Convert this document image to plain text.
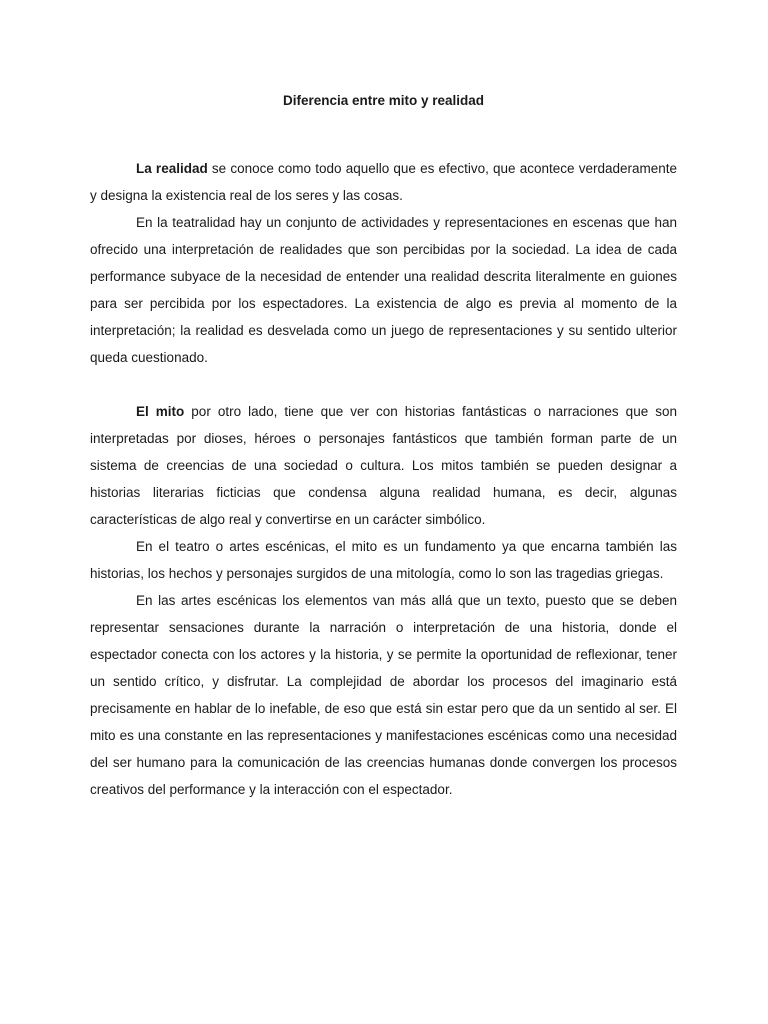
Diferencia entre mito y realidad

La realidad se conoce como todo aquello que es efectivo, que acontece verdaderamente y designa la existencia real de los seres y las cosas.

En la teatralidad hay un conjunto de actividades y representaciones en escenas que han ofrecido una interpretación de realidades que son percibidas por la sociedad. La idea de cada performance subyace de la necesidad de entender una realidad descrita literalmente en guiones para ser percibida por los espectadores. La existencia de algo es previa al momento de la interpretación; la realidad es desvelada como un juego de representaciones y su sentido ulterior queda cuestionado.

El mito por otro lado, tiene que ver con historias fantásticas o narraciones que son interpretadas por dioses, héroes o personajes fantásticos que también forman parte de un sistema de creencias de una sociedad o cultura. Los mitos también se pueden designar a historias literarias ficticias que condensa alguna realidad humana, es decir, algunas características de algo real y convertirse en un carácter simbólico.

En el teatro o artes escénicas, el mito es un fundamento ya que encarna también las historias, los hechos y personajes surgidos de una mitología, como lo son las tragedias griegas.

En las artes escénicas los elementos van más allá que un texto, puesto que se deben representar sensaciones durante la narración o interpretación de una historia, donde el espectador conecta con los actores y la historia, y se permite la oportunidad de reflexionar, tener un sentido crítico, y disfrutar. La complejidad de abordar los procesos del imaginario está precisamente en hablar de lo inefable, de eso que está sin estar pero que da un sentido al ser. El mito es una constante en las representaciones y manifestaciones escénicas como una necesidad del ser humano para la comunicación de las creencias humanas donde convergen los procesos creativos del performance y la interacción con el espectador.
